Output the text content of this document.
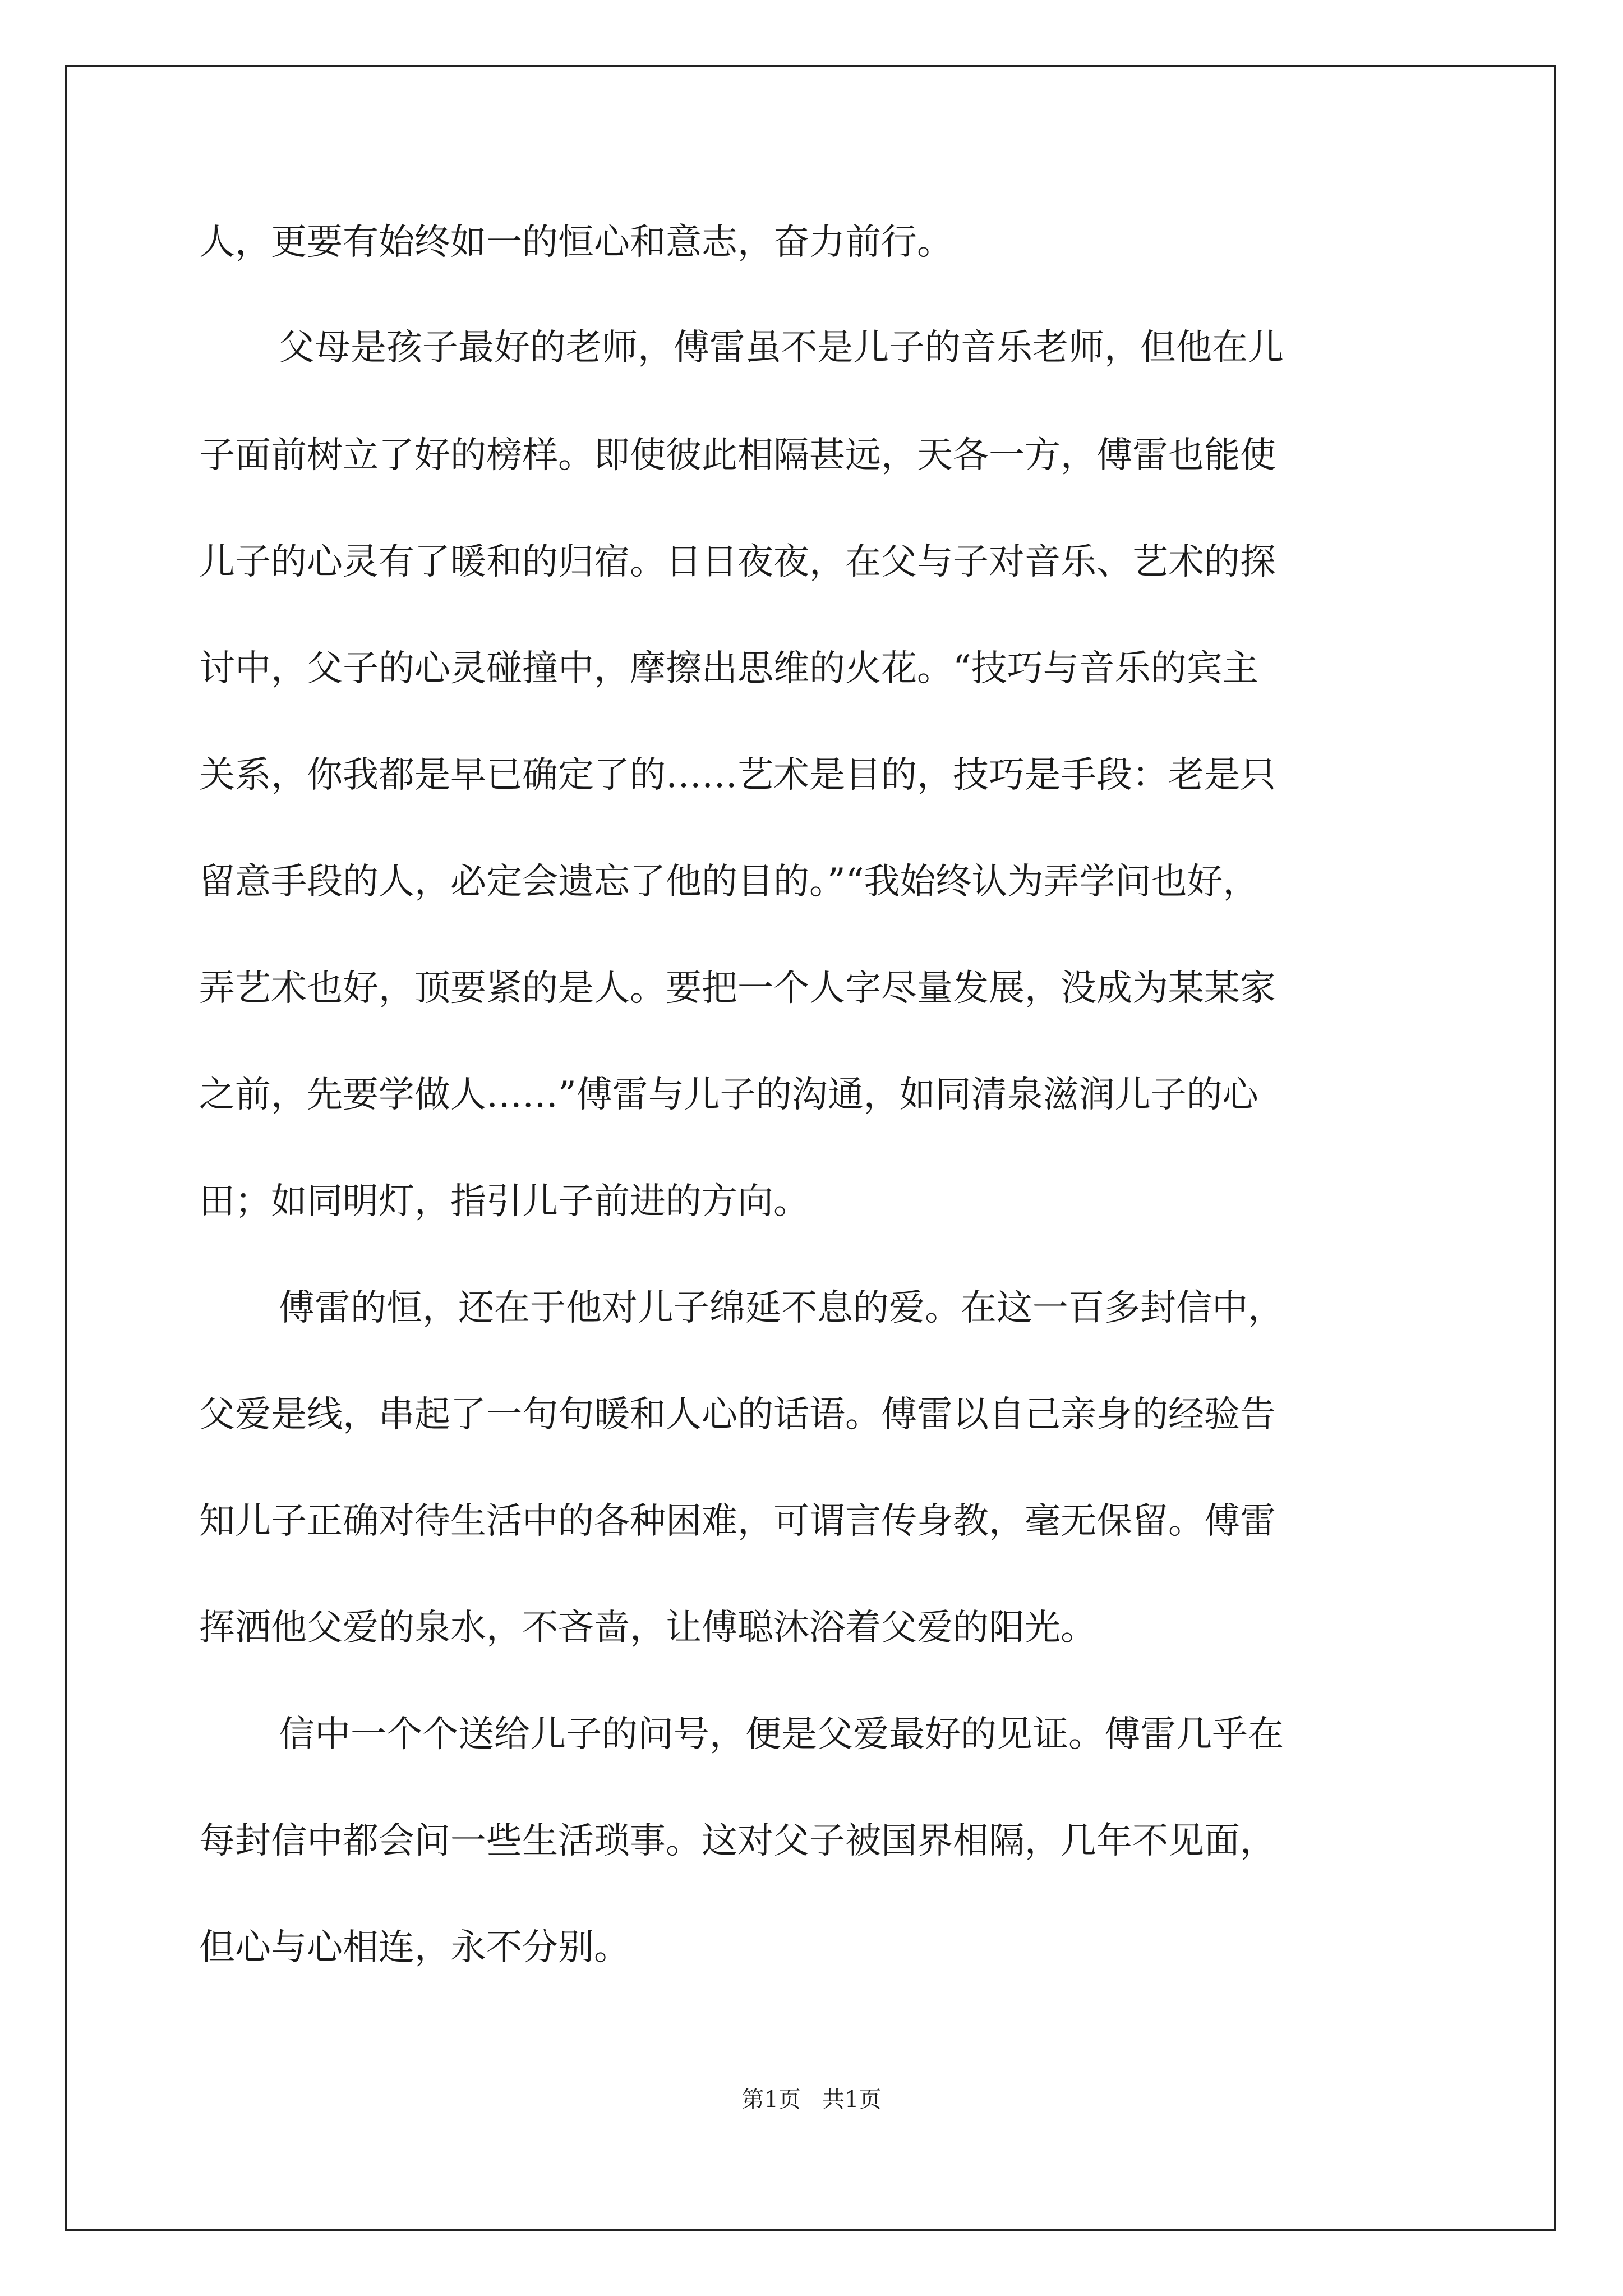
人，更要有始终如一的恒心和意志，奋力前行。
父母是孩子最好的老师，傅雷虽不是儿子的音乐老师，但他在儿
子面前树立了好的榜样。即使彼此相隔甚远，天各一方，傅雷也能使
儿子的心灵有了暖和的归宿。日日夜夜，在父与子对音乐、艺术的探
讨中，父子的心灵碰撞中，摩擦出思维的火花。“技巧与音乐的宾主
关系，你我都是早已确定了的……艺术是目的，技巧是手段：老是只
留意手段的人，必定会遗忘了他的目的。”“我始终认为弄学问也好，
弄艺术也好，顶要紧的是人。要把一个人字尽量发展，没成为某某家
之前，先要学做人……”傅雷与儿子的沟通，如同清泉滋润儿子的心
田；如同明灯，指引儿子前进的方向。
傅雷的恒，还在于他对儿子绵延不息的爱。在这一百多封信中，
父爱是线，串起了一句句暖和人心的话语。傅雷以自己亲身的经验告
知儿子正确对待生活中的各种困难，可谓言传身教，毫无保留。傅雷
挥洒他父爱的泉水，不吝啬，让傅聪沐浴着父爱的阳光。
信中一个个送给儿子的问号，便是父爱最好的见证。傅雷几乎在
每封信中都会问一些生活琐事。这对父子被国界相隔，几年不见面，
但心与心相连，永不分别。
第1页   共1页
